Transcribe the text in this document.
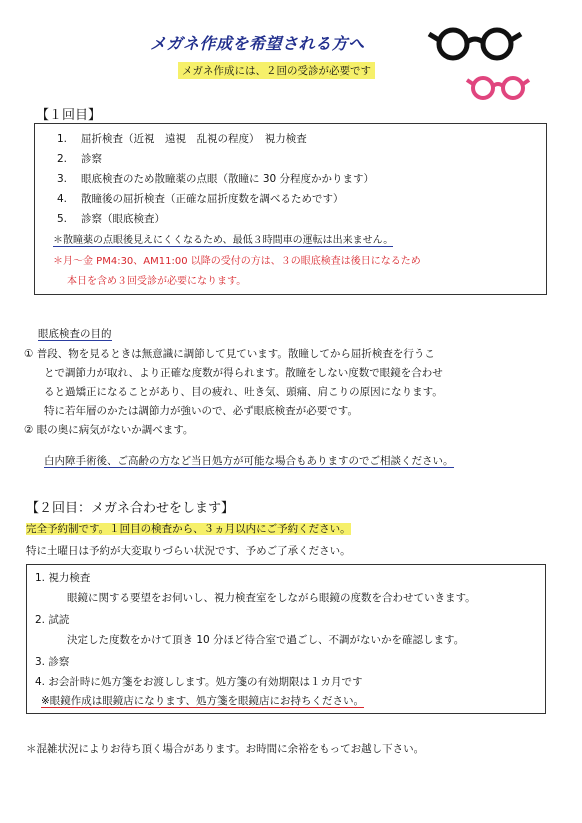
メガネ作成を希望される方へ
メガネ作成には、２回の受診が必要です
【１回目】
1. 屈折検査（近視　遠視　乱視の程度）　視力検査
2. 診察
3. 眼底検査のため散瞳薬の点眼（散瞳に 30 分程度かかります）
4. 散瞳後の屈折検査（正確な屈折度数を調べるためです）
5. 診察（眼底検査）
＊散瞳薬の点眼後見えにくくなるため、最低３時間車の運転は出来ません。
＊月～金 PM4:30、AM11:00 以降の受付の方は、３の眼底検査は後日になるため
本日を含め３回受診が必要になります。
眼底検査の目的
① 普段、物を見るときは無意識に調節して見ています。散瞳してから屈折検査を行うこ
とで調節力が取れ、より正確な度数が得られます。散瞳をしない度数で眼鏡を合わせ
ると過矯正になることがあり、目の疲れ、吐き気、頭痛、肩こりの原因になります。
特に若年層のかたは調節力が強いので、必ず眼底検査が必要です。
② 眼の奥に病気がないか調べます。
白内障手術後、ご高齢の方など当日処方が可能な場合もありますのでご相談ください。
【２回目：メガネ合わせをします】
完全予約制です。１回目の検査から、３ヵ月以内にご予約ください。
特に土曜日は予約が大変取りづらい状況です、予めご了承ください。
1. 視力検査
眼鏡に関する要望をお伺いし、視力検査室をしながら眼鏡の度数を合わせていきます。
2. 試読
決定した度数をかけて頂き 10 分ほど待合室で過ごし、不調がないかを確認します。
3. 診察
4. お会計時に処方箋をお渡しします。処方箋の有効期限は１カ月です
※眼鏡作成は眼鏡店になります、処方箋を眼鏡店にお持ちください。
＊混雑状況によりお待ち頂く場合があります。お時間に余裕をもってお越し下さい。
